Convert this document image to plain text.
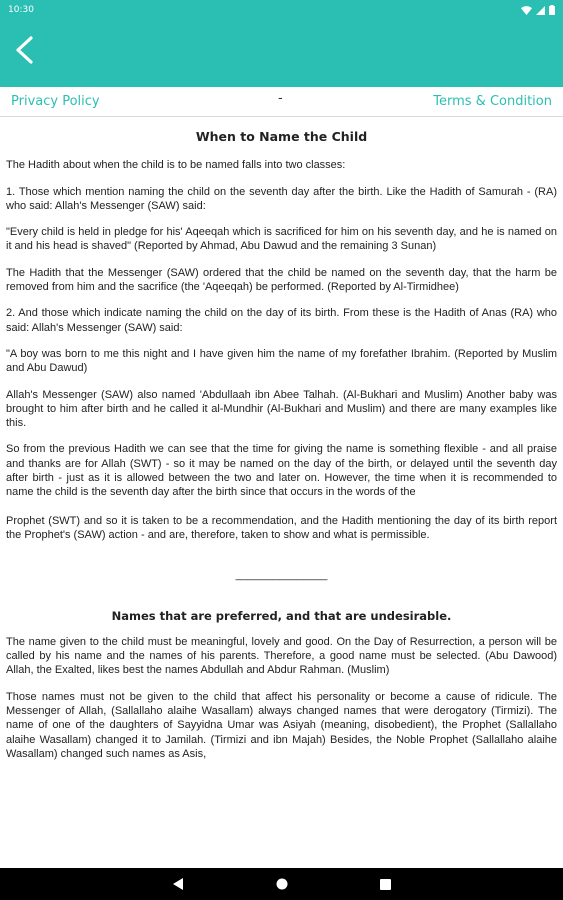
10:30
Privacy Policy	-	Terms & Condition
When to Name the Child

The Hadith about when the child is to be named falls into two classes:

1. Those which mention naming the child on the seventh day after the birth. Like the Hadith of Samurah - (RA) who said: Allah's Messenger (SAW) said:

"Every child is held in pledge for his' Aqeeqah which is sacrificed for him on his seventh day, and he is named on it and his head is shaved" (Reported by Ahmad, Abu Dawud and the remaining 3 Sunan)

The Hadith that the Messenger (SAW) ordered that the child be named on the seventh day, that the harm be removed from him and the sacrifice (the 'Aqeeqah) be performed. (Reported by Al-Tirmidhee)

2. And those which indicate naming the child on the day of its birth. From these is the Hadith of Anas (RA) who said: Allah's Messenger (SAW) said:

"A boy was born to me this night and I have given him the name of my forefather Ibrahim. (Reported by Muslim and Abu Dawud)

Allah's Messenger (SAW) also named 'Abdullaah ibn Abee Talhah. (Al-Bukhari and Muslim) Another baby was brought to him after birth and he called it al-Mundhir (Al-Bukhari and Muslim) and there are many examples like this.

So from the previous Hadith we can see that the time for giving the name is something flexible - and all praise and thanks are for Allah (SWT) - so it may be named on the day of the birth, or delayed until the seventh day after birth - just as it is allowed between the two and later on. However, the time when it is recommended to name the child is the seventh day after the birth since that occurs in the words of the

Prophet (SWT) and so it is taken to be a recommendation, and the Hadith mentioning the day of its birth report the Prophet's (SAW) action - and are, therefore, taken to show and what is permissible.

_______________
Names that are preferred, and that are undesirable.

The name given to the child must be meaningful, lovely and good. On the Day of Resurrection, a person will be called by his name and the names of his parents. Therefore, a good name must be selected. (Abu Dawood) Allah, the Exalted, likes best the names Abdullah and Abdur Rahman. (Muslim)

Those names must not be given to the child that affect his personality or become a cause of ridicule. The Messenger of Allah, (Sallallaho alaihe Wasallam) always changed names that were derogatory (Tirmizi). The name of one of the daughters of Sayyidna Umar was Asiyah (meaning, disobedient), the Prophet (Sallallaho alaihe Wasallam) changed it to Jamilah. (Tirmizi and ibn Majah) Besides, the Noble Prophet (Sallallaho alaihe Wasallam) changed such names as Asis,
